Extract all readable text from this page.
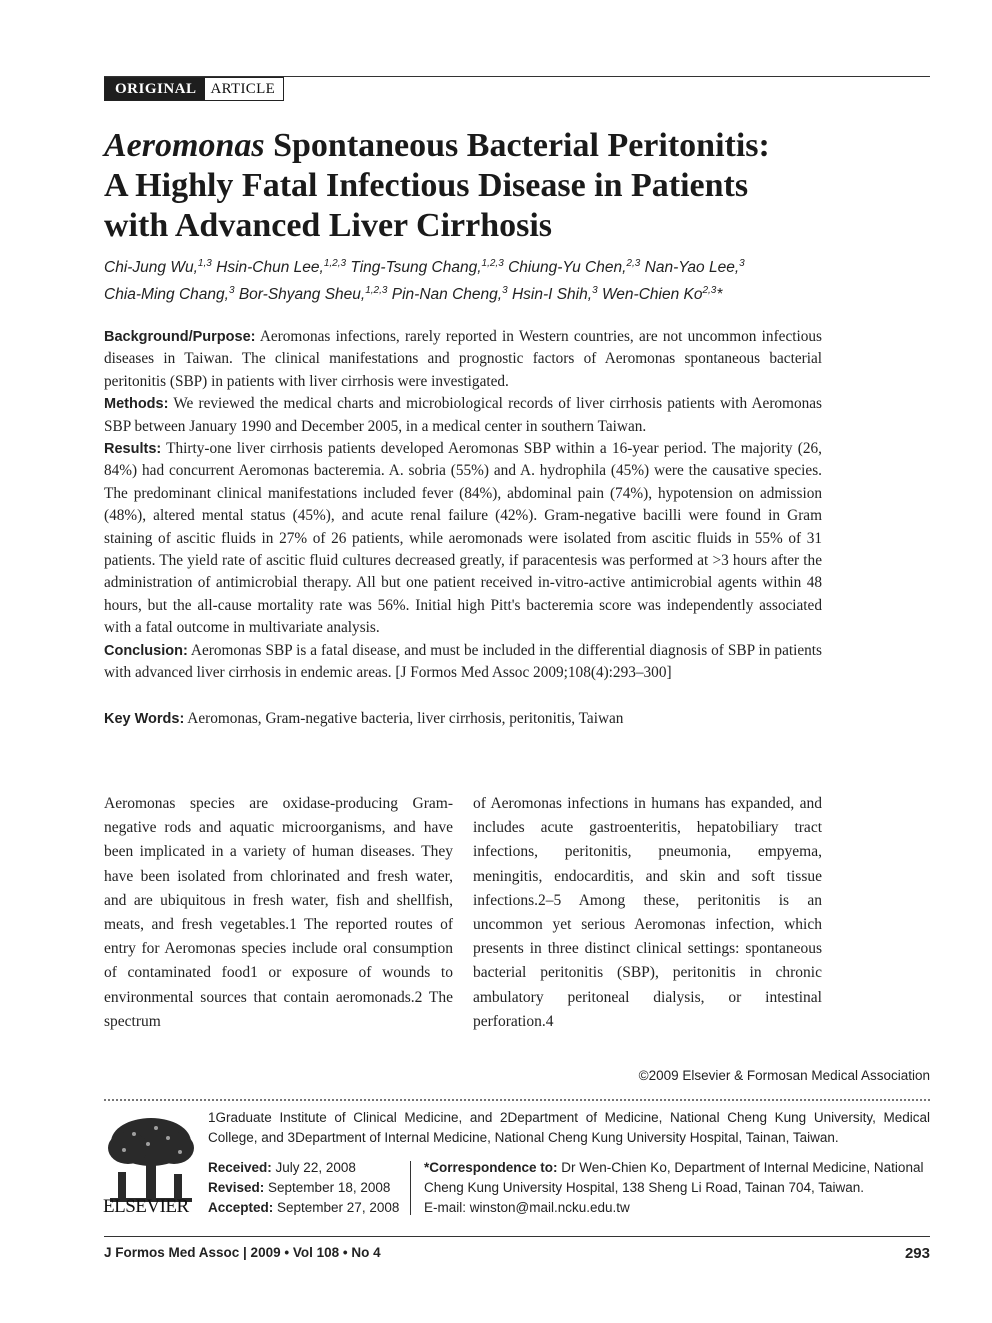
ORIGINAL ARTICLE
Aeromonas Spontaneous Bacterial Peritonitis:
A Highly Fatal Infectious Disease in Patients
with Advanced Liver Cirrhosis
Chi-Jung Wu,$^{1,3}$ Hsin-Chun Lee,$^{1,2,3}$ Ting-Tsung Chang,$^{1,2,3}$ Chiung-Yu Chen,$^{2,3}$ Nan-Yao Lee,$^3$
Chia-Ming Chang,$^3$ Bor-Shyang Sheu,$^{1,2,3}$ Pin-Nan Cheng,$^3$ Hsin-I Shih,$^3$ Wen-Chien Ko$^{2,3}$*

Background/Purpose: Aeromonas infections, rarely reported in Western countries, are not uncommon infectious diseases in Taiwan. The clinical manifestations and prognostic factors of Aeromonas spontaneous bacterial peritonitis (SBP) in patients with liver cirrhosis were investigated.

Methods: We reviewed the medical charts and microbiological records of liver cirrhosis patients with Aeromonas SBP between January 1990 and December 2005, in a medical center in southern Taiwan.

Results: Thirty-one liver cirrhosis patients developed Aeromonas SBP within a 16-year period. The majority (26, 84%) had concurrent Aeromonas bacteremia. A. sobria (55%) and A. hydrophila (45%) were the causative species. The predominant clinical manifestations included fever (84%), abdominal pain (74%), hypotension on admission (48%), altered mental status (45%), and acute renal failure (42%). Gram-negative bacilli were found in Gram staining of ascitic fluids in 27% of 26 patients, while aeromonads were isolated from ascitic fluids in 55% of 31 patients. The yield rate of ascitic fluid cultures decreased greatly, if paracentesis was performed at >3 hours after the administration of antimicrobial therapy. All but one patient received in-vitro-active antimicrobial agents within 48 hours, but the all-cause mortality rate was 56%. Initial high Pitt's bacteremia score was independently associated with a fatal outcome in multivariate analysis.

Conclusion: Aeromonas SBP is a fatal disease, and must be included in the differential diagnosis of SBP in patients with advanced liver cirrhosis in endemic areas. [J Formos Med Assoc 2009;108(4):293–300]

Key Words: Aeromonas, Gram-negative bacteria, liver cirrhosis, peritonitis, Taiwan
Aeromonas species are oxidase-producing Gram-negative rods and aquatic microorganisms, and have been implicated in a variety of human diseases. They have been isolated from chlorinated and fresh water, and are ubiquitous in fresh water, fish and shellfish, meats, and fresh vegetables.1 The reported routes of entry for Aeromonas species include oral consumption of contaminated food1 or exposure of wounds to environmental sources that contain aeromonads.2 The spectrum
of Aeromonas infections in humans has expanded, and includes acute gastroenteritis, hepatobiliary tract infections, peritonitis, pneumonia, empyema, meningitis, endocarditis, and skin and soft tissue infections.2–5 Among these, peritonitis is an uncommon yet serious Aeromonas infection, which presents in three distinct clinical settings: spontaneous bacterial peritonitis (SBP), peritonitis in chronic ambulatory peritoneal dialysis, or intestinal perforation.4
©2009 Elsevier & Formosan Medical Association
ELSEVIER
1Graduate Institute of Clinical Medicine, and 2Department of Medicine, National Cheng Kung University, Medical College, and 3Department of Internal Medicine, National Cheng Kung University Hospital, Tainan, Taiwan.
Received: July 22, 2008
Revised: September 18, 2008
Accepted: September 27, 2008
*Correspondence to: Dr Wen-Chien Ko, Department of Internal Medicine, National Cheng Kung University Hospital, 138 Sheng Li Road, Tainan 704, Taiwan.
E-mail: winston@mail.ncku.edu.tw
J Formos Med Assoc | 2009 • Vol 108 • No 4	293
